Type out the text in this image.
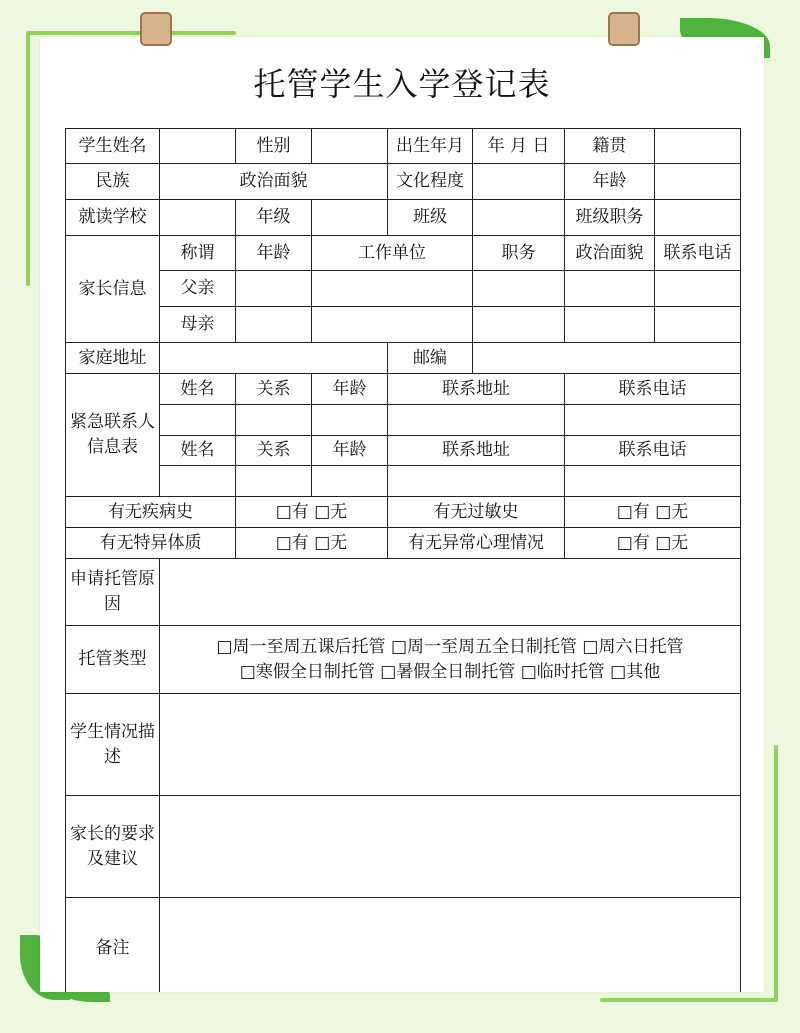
托管学生入学登记表
学生姓名		性别		出生年月	年 月 日	籍贯	
民族	政治面貌			文化程度		年龄	
就读学校		年级		班级		班级职务	
家长信息	称谓	年龄	工作单位		职务	政治面貌	联系电话
	父亲						
	母亲						
家庭地址				邮编			
紧急联系人信息表	姓名	关系	年龄	联系地址		联系电话	

	姓名	关系	年龄	联系地址		联系电话	

有无疾病史		□有 □无		有无过敏史		□有 □无	
有无特异体质		□有 □无		有无异常心理情况		□有 □无	
申请托管原因							
托管类型	□周一至周五课后托管 □周一至周五全日制托管 □周六日托管
□寒假全日制托管 □暑假全日制托管 □临时托管 □其他						

学生情况描述							
家长的要求及建议							
备注							
